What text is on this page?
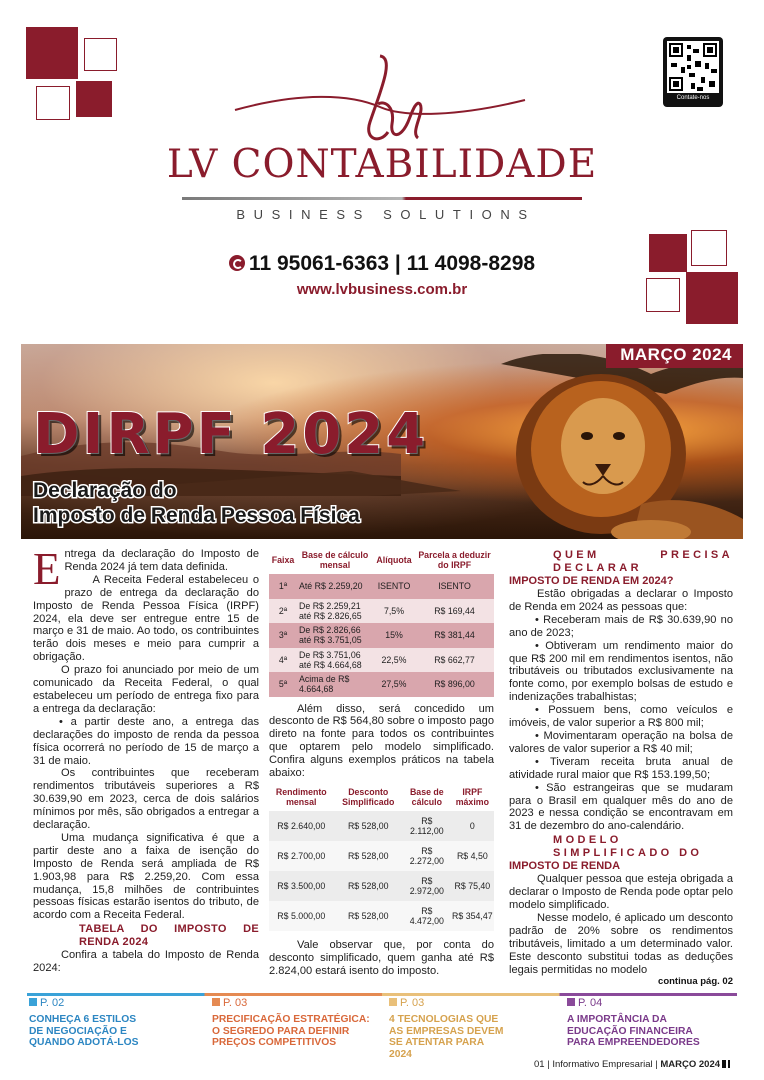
LV CONTABILIDADE
BUSINESS SOLUTIONS
Contate-nos
11 95061-6363 | 11 4098-8298
www.lvbusiness.com.br
MARÇO 2024
DIRPF 2024
Declaração do
Imposto de Renda Pessoa Física

Entrega da declaração do Imposto de Renda 2024 já tem data definida.

A Receita Federal estabeleceu o prazo de entrega da declaração do Imposto de Renda Pessoa Física (IRPF) 2024, ela deve ser entregue entre 15 de março e 31 de maio. Ao todo, os contribuintes terão dois meses e meio para cumprir a obrigação.

O prazo foi anunciado por meio de um comunicado da Receita Federal, o qual estabeleceu um período de entrega fixo para a entrega da declaração:

• a partir deste ano, a entrega das declarações do imposto de renda da pessoa física ocorrerá no período de 15 de março a 31 de maio.

Os contribuintes que receberam rendimentos tributáveis superiores a R$ 30.639,90 em 2023, cerca de dois salários mínimos por mês, são obrigados a entregar a declaração.

Uma mudança significativa é que a partir deste ano a faixa de isenção do Imposto de Renda será ampliada de R$ 1.903,98 para R$ 2.259,20. Com essa mudança, 15,8 milhões de contribuintes pessoas físicas estarão isentos do tributo, de acordo com a Receita Federal.

TABELA DO IMPOSTO DE RENDA 2024

Confira a tabela do Imposto de Renda 2024:

Faixa	Base de cálculo mensal	Alíquota	Parcela a deduzir do IRPF
1ª	Até R$ 2.259,20	ISENTO	ISENTO
2ª	De R$ 2.259,21 até R$ 2.826,65	7,5%	R$ 169,44
3ª	De R$ 2.826,66 até R$ 3.751,05	15%	R$ 381,44
4ª	De R$ 3.751,06 até R$ 4.664,68	22,5%	R$ 662,77
5ª	Acima de R$ 4.664,68	27,5%	R$ 896,00

Além disso, será concedido um desconto de R$ 564,80 sobre o imposto pago direto na fonte para todos os contribuintes que optarem pelo modelo simplificado. Confira alguns exemplos práticos na tabela abaixo:

Rendimento mensal	Desconto Simplificado	Base de cálculo	IRPF máximo
R$ 2.640,00	R$ 528,00	R$ 2.112,00	0
R$ 2.700,00	R$ 528,00	R$ 2.272,00	R$ 4,50
R$ 3.500,00	R$ 528,00	R$ 2.972,00	R$ 75,40
R$ 5.000,00	R$ 528,00	R$ 4.472,00	R$ 354,47

Vale observar que, por conta do desconto simplificado, quem ganha até R$ 2.824,00 estará isento do imposto.

QUEM PRECISA DECLARAR
IMPOSTO DE RENDA EM 2024?

Estão obrigadas a declarar o Imposto de Renda em 2024 as pessoas que:

• Receberam mais de R$ 30.639,90 no ano de 2023;

• Obtiveram um rendimento maior do que R$ 200 mil em rendimentos isentos, não tributáveis ou tributados exclusivamente na fonte como, por exemplo bolsas de estudo e indenizações trabalhistas;

• Possuem bens, como veículos e imóveis, de valor superior a R$ 800 mil;

• Movimentaram operação na bolsa de valores de valor superior a R$ 40 mil;

• Tiveram receita bruta anual de atividade rural maior que R$ 153.199,50;

• São estrangeiras que se mudaram para o Brasil em qualquer mês do ano de 2023 e nessa condição se encontravam em 31 de dezembro do ano-calendário.

MODELO SIMPLIFICADO DO
IMPOSTO DE RENDA

Qualquer pessoa que esteja obrigada a declarar o Imposto de Renda pode optar pelo modelo simplificado.

Nesse modelo, é aplicado um desconto padrão de 20% sobre os rendimentos tributáveis, limitado a um determinado valor. Este desconto substitui todas as deduções legais permitidas no modelo
continua pág. 02

P. 02
CONHEÇA 6 ESTILOS DE NEGOCIAÇÃO E QUANDO ADOTÁ-LOS
P. 03
PRECIFICAÇÃO ESTRATÉGICA: O SEGREDO PARA DEFINIR PREÇOS COMPETITIVOS
P. 03
4 TECNOLOGIAS QUE AS EMPRESAS DEVEM SE ATENTAR PARA 2024
P. 04
A IMPORTÂNCIA DA EDUCAÇÃO FINANCEIRA PARA EMPREENDEDORES
01 | Informativo Empresarial | MARÇO 2024
